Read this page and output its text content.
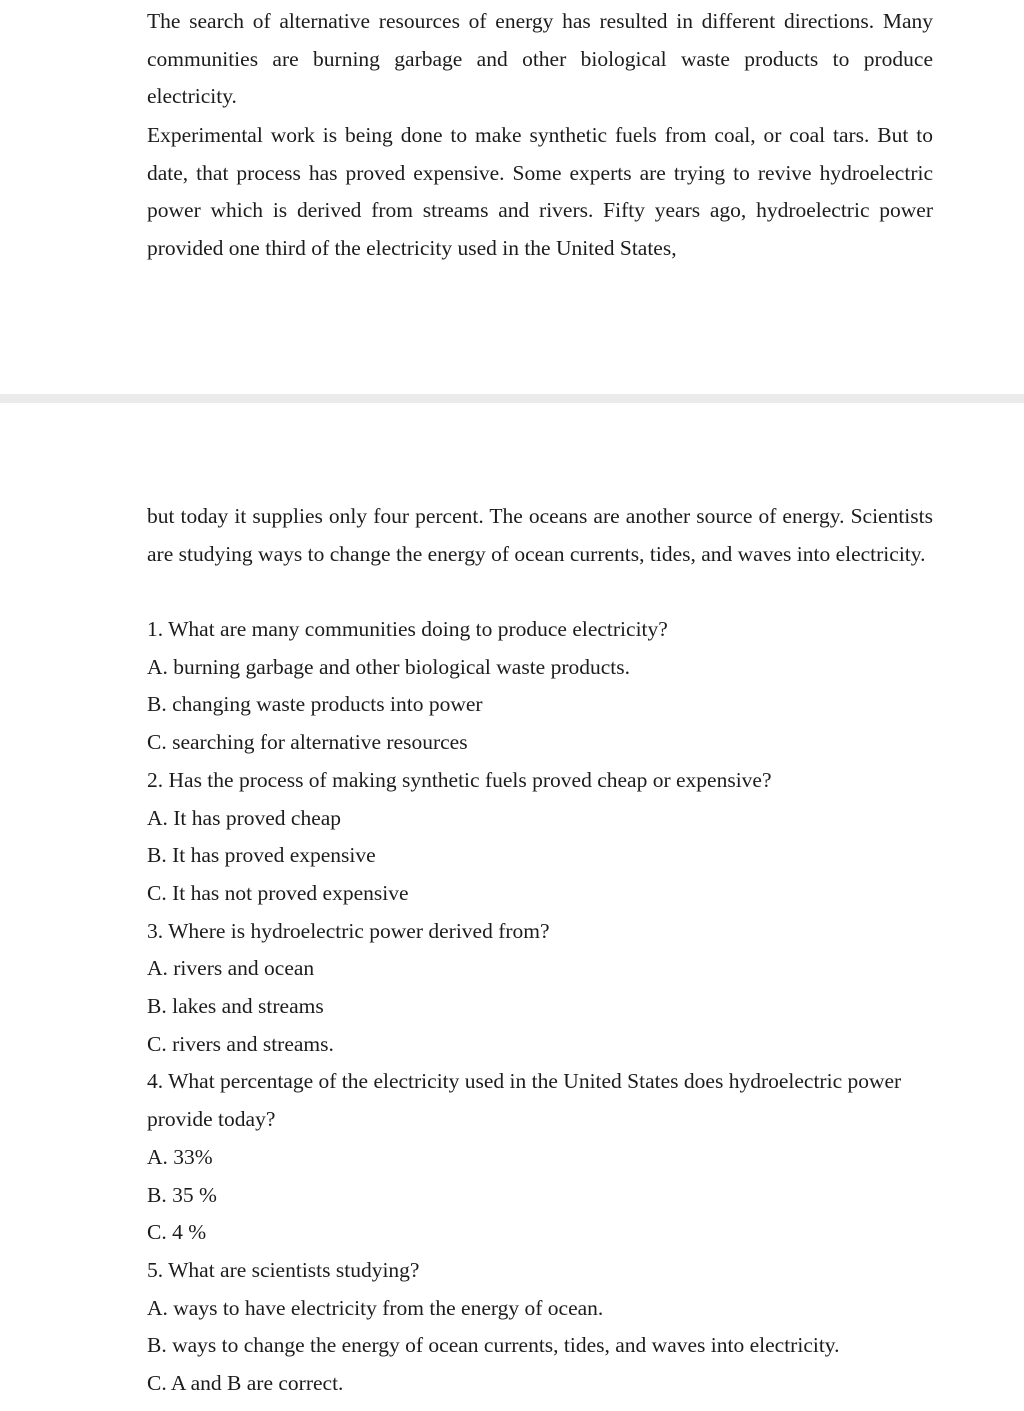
The search of alternative resources of energy has resulted in different directions. Many communities are burning garbage and other biological waste products to produce electricity.

Experimental work is being done to make synthetic fuels from coal, or coal tars. But to date, that process has proved expensive. Some experts are trying to revive hydroelectric power which is derived from streams and rivers. Fifty years ago, hydroelectric power provided one third of the electricity used in the United States,

but today it supplies only four percent. The oceans are another source of energy. Scientists are studying ways to change the energy of ocean currents, tides, and waves into electricity.

1. What are many communities doing to produce electricity?
A. burning garbage and other biological waste products.
B. changing waste products into power
C. searching for alternative resources
2. Has the process of making synthetic fuels proved cheap or expensive?
A. It has proved cheap
B. It has proved expensive
C. It has not proved expensive
3. Where is hydroelectric power derived from?
A. rivers and ocean
B. lakes and streams
C. rivers and streams.
4. What percentage of the electricity used in the United States does hydroelectric power provide today?
A. 33%
B. 35 %
C. 4 %
5. What are scientists studying?
A. ways to have electricity from the energy of ocean.
B. ways to change the energy of ocean currents, tides, and waves into electricity.
C. A and B are correct.
